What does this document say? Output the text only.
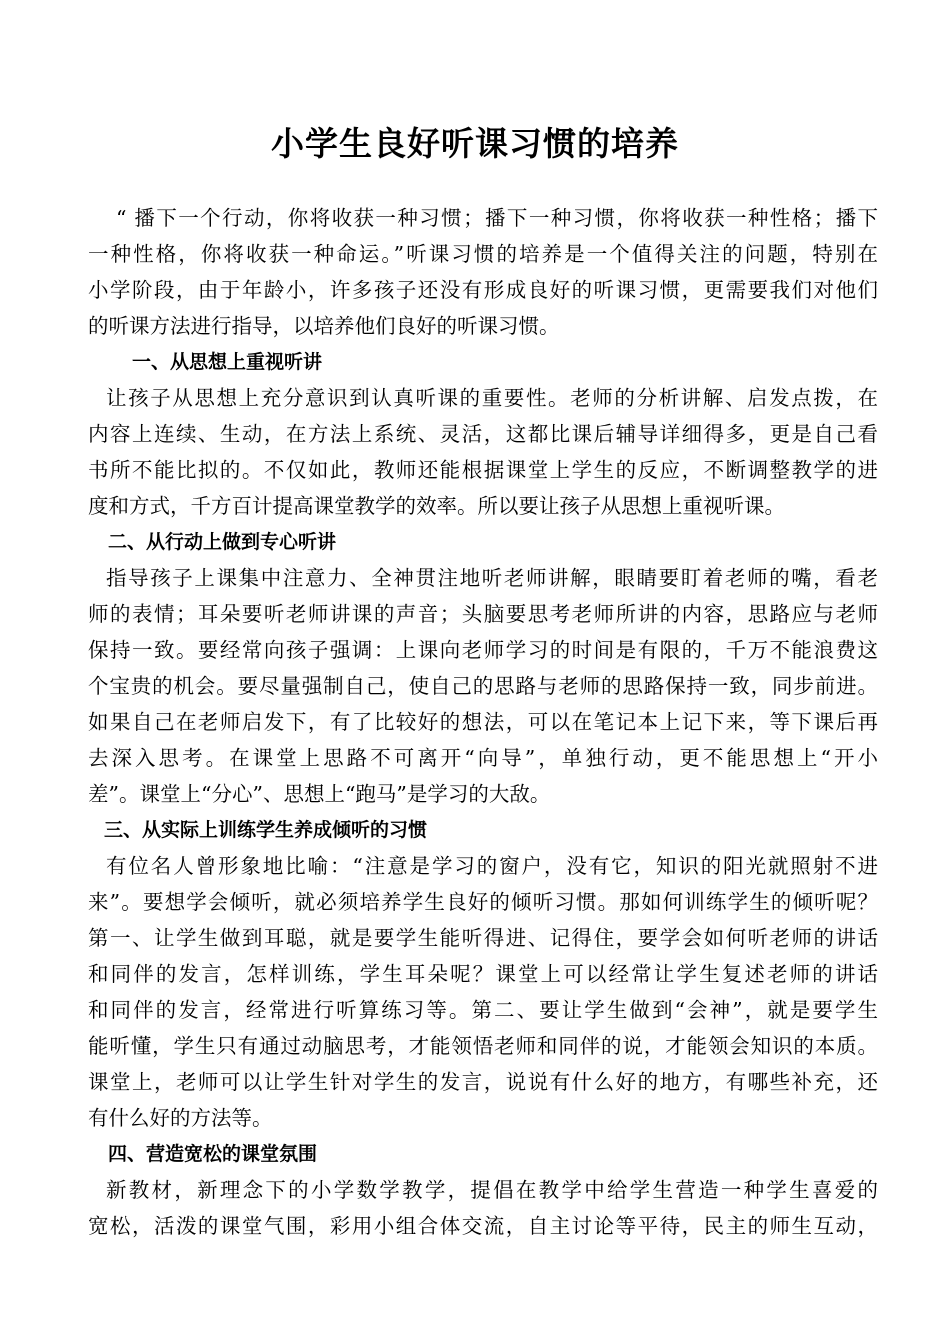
小学生良好听课习惯的培养
“ 播下一个行动，你将收获一种习惯；播下一种习惯，你将收获一种性格；播下
一种性格，你将收获一种命运。”听课习惯的培养是一个值得关注的问题，特别在
小学阶段，由于年龄小，许多孩子还没有形成良好的听课习惯，更需要我们对他们
的听课方法进行指导，以培养他们良好的听课习惯。
一、从思想上重视听讲
让孩子从思想上充分意识到认真听课的重要性。老师的分析讲解、启发点拨，在
内容上连续、生动，在方法上系统、灵活，这都比课后辅导详细得多，更是自己看
书所不能比拟的。不仅如此，教师还能根据课堂上学生的反应，不断调整教学的进
度和方式，千方百计提高课堂教学的效率。所以要让孩子从思想上重视听课。
二、从行动上做到专心听讲
指导孩子上课集中注意力、全神贯注地听老师讲解，眼睛要盯着老师的嘴，看老
师的表情；耳朵要听老师讲课的声音；头脑要思考老师所讲的内容，思路应与老师
保持一致。要经常向孩子强调：上课向老师学习的时间是有限的，千万不能浪费这
个宝贵的机会。要尽量强制自己，使自己的思路与老师的思路保持一致，同步前进。
如果自己在老师启发下，有了比较好的想法，可以在笔记本上记下来，等下课后再
去深入思考。在课堂上思路不可离开“向导”，单独行动，更不能思想上“开小
差”。课堂上“分心”、思想上“跑马”是学习的大敌。
三、从实际上训练学生养成倾听的习惯
有位名人曾形象地比喻：“注意是学习的窗户，没有它，知识的阳光就照射不进
来”。要想学会倾听，就必须培养学生良好的倾听习惯。那如何训练学生的倾听呢？
第一、让学生做到耳聪，就是要学生能听得进、记得住，要学会如何听老师的讲话
和同伴的发言，怎样训练，学生耳朵呢？课堂上可以经常让学生复述老师的讲话
和同伴的发言，经常进行听算练习等。第二、要让学生做到“会神”，就是要学生
能听懂，学生只有通过动脑思考，才能领悟老师和同伴的说，才能领会知识的本质。
课堂上，老师可以让学生针对学生的发言，说说有什么好的地方，有哪些补充，还
有什么好的方法等。
四、营造宽松的课堂氛围
新教材，新理念下的小学数学教学，提倡在教学中给学生营造一种学生喜爱的
宽松，活泼的课堂气围，彩用小组合体交流，自主讨论等平待，民主的师生互动，
